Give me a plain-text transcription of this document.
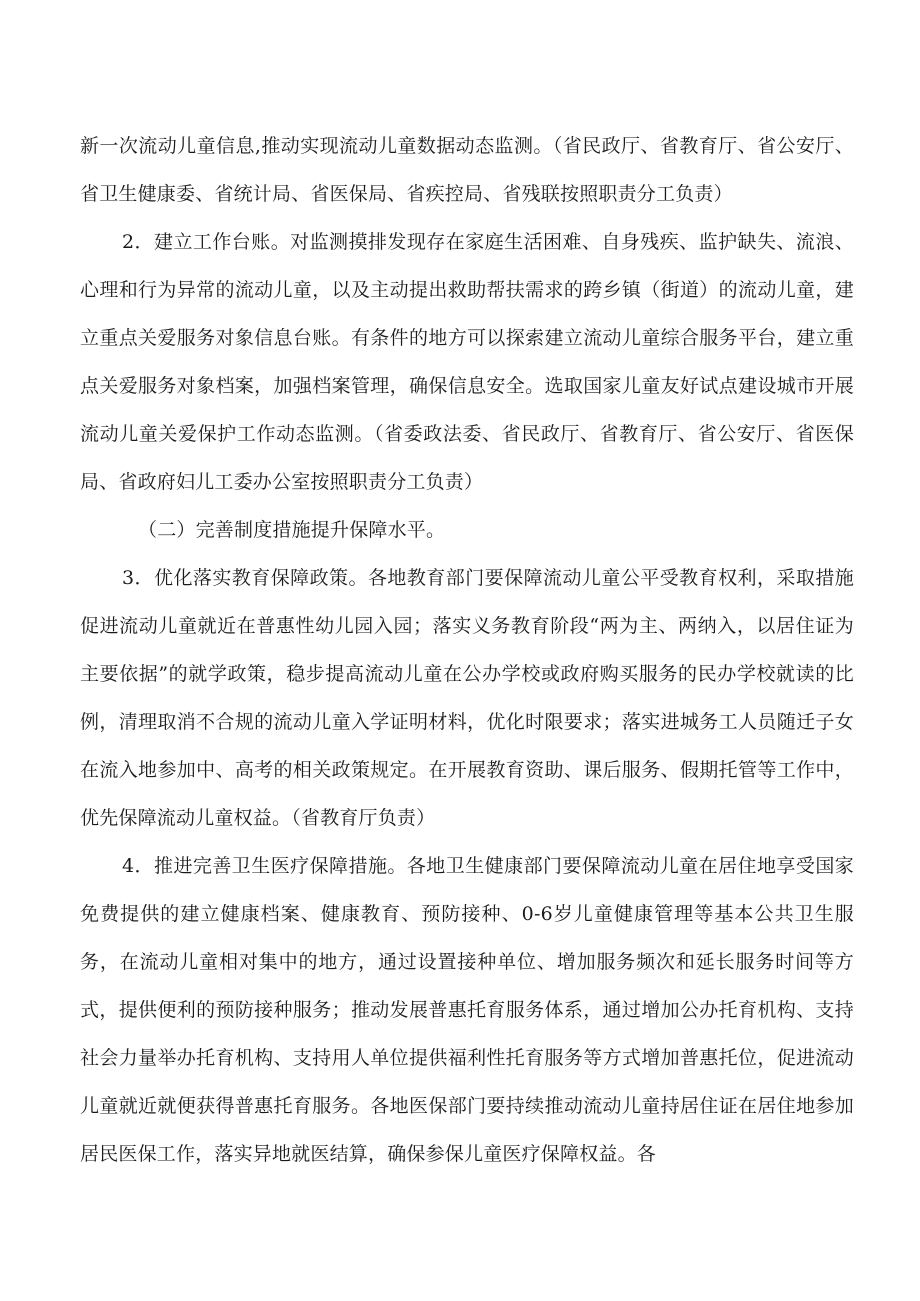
新一次流动儿童信息,推动实现流动儿童数据动态监测。（省民政厅、省教育厅、省公安厅、省卫生健康委、省统计局、省医保局、省疾控局、省残联按照职责分工负责）

2．建立工作台账。对监测摸排发现存在家庭生活困难、自身残疾、监护缺失、流浪、心理和行为异常的流动儿童，以及主动提出救助帮扶需求的跨乡镇（街道）的流动儿童，建立重点关爱服务对象信息台账。有条件的地方可以探索建立流动儿童综合服务平台，建立重点关爱服务对象档案，加强档案管理，确保信息安全。选取国家儿童友好试点建设城市开展流动儿童关爱保护工作动态监测。（省委政法委、省民政厅、省教育厅、省公安厅、省医保局、省政府妇儿工委办公室按照职责分工负责）

（二）完善制度措施提升保障水平。

3．优化落实教育保障政策。各地教育部门要保障流动儿童公平受教育权利，采取措施促进流动儿童就近在普惠性幼儿园入园；落实义务教育阶段“两为主、两纳入，以居住证为主要依据”的就学政策，稳步提高流动儿童在公办学校或政府购买服务的民办学校就读的比例，清理取消不合规的流动儿童入学证明材料，优化时限要求；落实进城务工人员随迁子女在流入地参加中、高考的相关政策规定。在开展教育资助、课后服务、假期托管等工作中，优先保障流动儿童权益。（省教育厅负责）

4．推进完善卫生医疗保障措施。各地卫生健康部门要保障流动儿童在居住地享受国家免费提供的建立健康档案、健康教育、预防接种、0-6岁儿童健康管理等基本公共卫生服务，在流动儿童相对集中的地方，通过设置接种单位、增加服务频次和延长服务时间等方式，提供便利的预防接种服务；推动发展普惠托育服务体系，通过增加公办托育机构、支持社会力量举办托育机构、支持用人单位提供福利性托育服务等方式增加普惠托位，促进流动儿童就近就便获得普惠托育服务。各地医保部门要持续推动流动儿童持居住证在居住地参加居民医保工作，落实异地就医结算，确保参保儿童医疗保障权益。各
